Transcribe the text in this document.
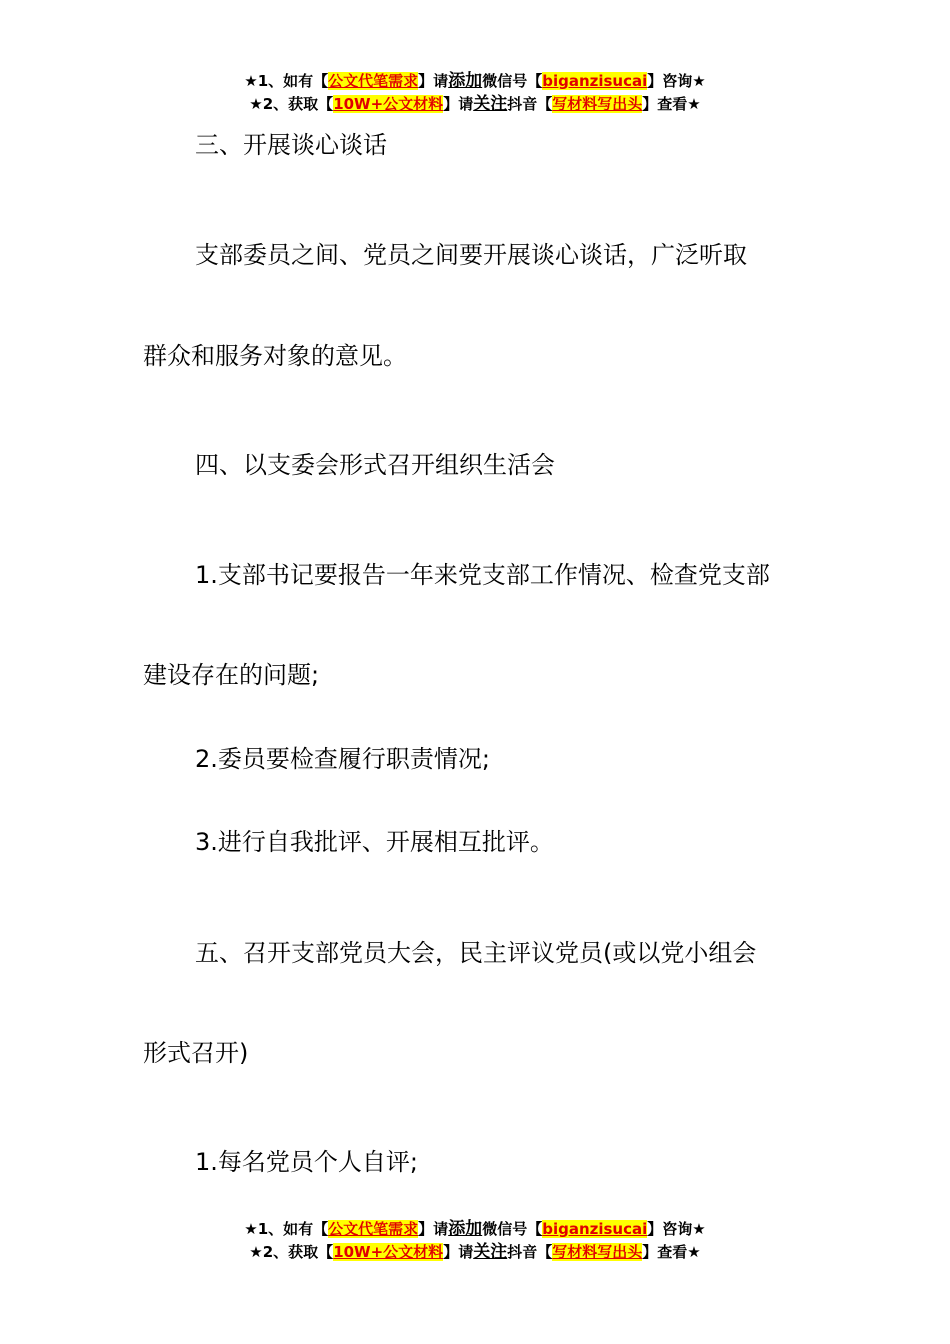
★1、如有【公文代笔需求】请添加微信号【biganzisucai】咨询★
★2、获取【10W+公文材料】请关注抖音【写材料写出头】查看★
三、开展谈心谈话
支部委员之间、党员之间要开展谈心谈话，广泛听取
群众和服务对象的意见。
四、以支委会形式召开组织生活会
1.支部书记要报告一年来党支部工作情况、检查党支部
建设存在的问题;
2.委员要检查履行职责情况;
3.进行自我批评、开展相互批评。
五、召开支部党员大会，民主评议党员(或以党小组会
形式召开)
1.每名党员个人自评;
★1、如有【公文代笔需求】请添加微信号【biganzisucai】咨询★
★2、获取【10W+公文材料】请关注抖音【写材料写出头】查看★
